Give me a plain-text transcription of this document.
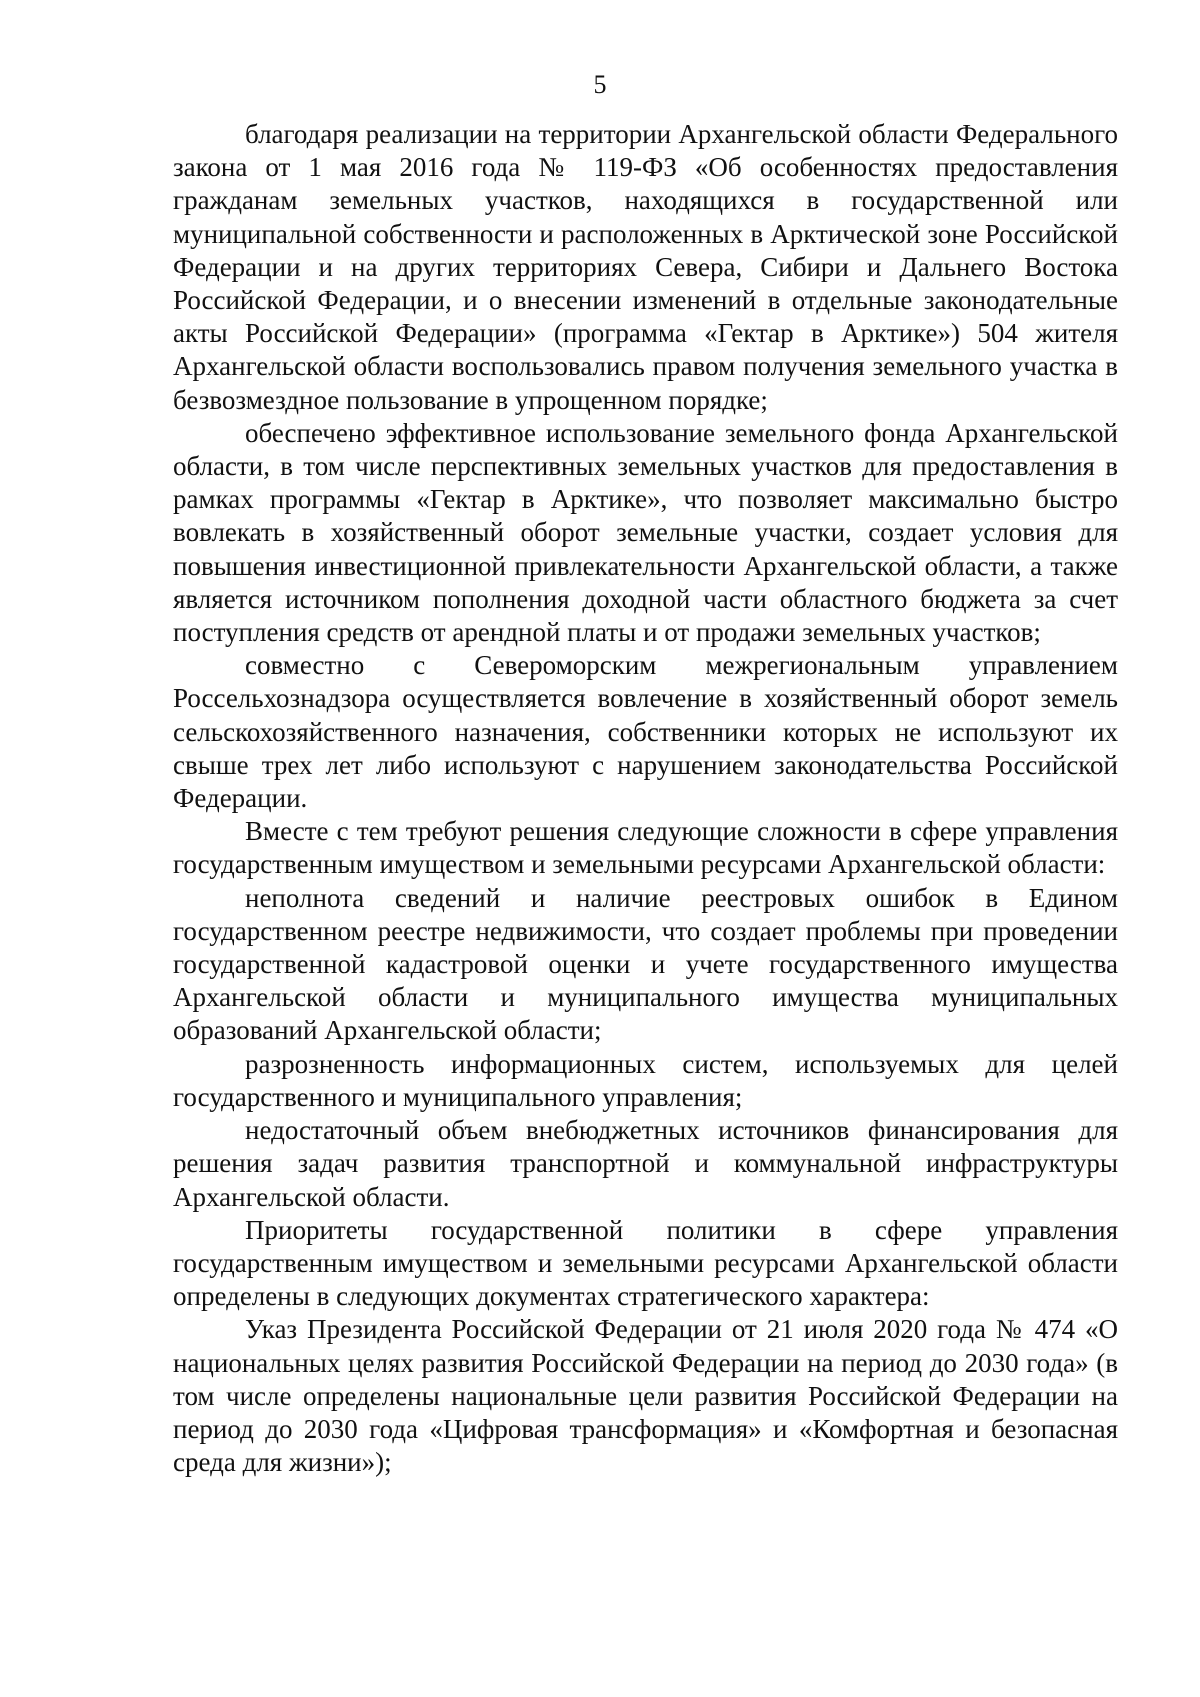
5

благодаря реализации на территории Архангельской области Федерального закона от 1 мая 2016 года № 119-ФЗ «Об особенностях предоставления гражданам земельных участков, находящихся в государственной или муниципальной собственности и расположенных в Арктической зоне Российской Федерации и на других территориях Севера, Сибири и Дальнего Востока Российской Федерации, и о внесении изменений в отдельные законодательные акты Российской Федерации» (программа «Гектар в Арктике») 504 жителя Архангельской области воспользовались правом получения земельного участка в безвозмездное пользование в упрощенном порядке;

обеспечено эффективное использование земельного фонда Архангельской области, в том числе перспективных земельных участков для предоставления в рамках программы «Гектар в Арктике», что позволяет максимально быстро вовлекать в хозяйственный оборот земельные участки, создает условия для повышения инвестиционной привлекательности Архангельской области, а также является источником пополнения доходной части областного бюджета за счет поступления средств от арендной платы и от продажи земельных участков;

совместно с Североморским межрегиональным управлением Россельхознадзора осуществляется вовлечение в хозяйственный оборот земель сельскохозяйственного назначения, собственники которых не используют их свыше трех лет либо используют с нарушением законодательства Российской Федерации.

Вместе с тем требуют решения следующие сложности в сфере управления государственным имуществом и земельными ресурсами Архангельской области:

неполнота сведений и наличие реестровых ошибок в Едином государственном реестре недвижимости, что создает проблемы при проведении государственной кадастровой оценки и учете государственного имущества Архангельской области и муниципального имущества муниципальных образований Архангельской области;

разрозненность информационных систем, используемых для целей государственного и муниципального управления;

недостаточный объем внебюджетных источников финансирования для решения задач развития транспортной и коммунальной инфраструктуры Архангельской области.

Приоритеты государственной политики в сфере управления государственным имуществом и земельными ресурсами Архангельской области определены в следующих документах стратегического характера:

Указ Президента Российской Федерации от 21 июля 2020 года № 474 «О национальных целях развития Российской Федерации на период до 2030 года» (в том числе определены национальные цели развития Российской Федерации на период до 2030 года «Цифровая трансформация» и «Комфортная и безопасная среда для жизни»);
